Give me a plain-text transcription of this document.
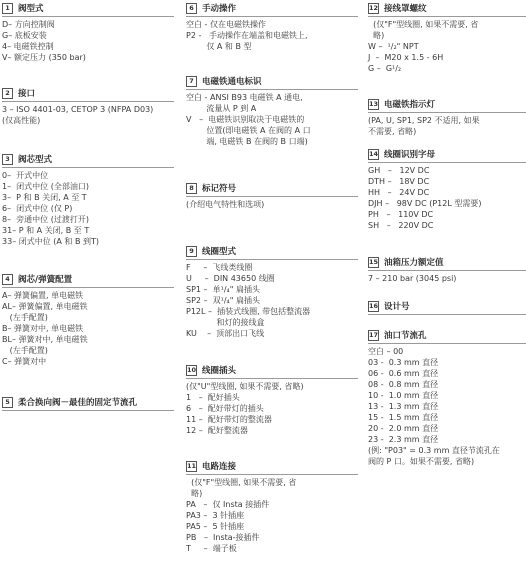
1 阀型式
D – 方向控制阀
G – 底板安装
4 – 电磁铁控制
V – 额定压力 (350 bar)
2 接口
3 – ISO 4401-03, CETOP 3 (NFPA D03)
(仅高性能)
3 阀芯型式
0 –  开式中位
1 –  闭式中位 (全部油口)
3 –  P 和 B 关闭, A 至 T
6 –  闭式中位 (仅 P)
8 –  旁通中位 (过渡打开)
31 – P 和 A 关闭, B 至 T
33 – 闭式中位 (A 和 B 到T)
4 阀芯/弹簧配置
A – 弹簧偏置, 单电磁铁
AL – 弹簧偏置, 单电磁铁
(左手配置)
B – 弹簧对中, 单电磁铁
BL – 弹簧对中, 单电磁铁
(左手配置)
C – 弹簧对中
5 柔合换向阀－最佳的固定节流孔
6 手动操作
空白 - 仅在电磁铁操作
P2 - 手动操作在端盖和电磁铁上,
仅 A 和 B 型
7 电磁铁通电标识
空白 - ANSI B93 电磁铁 A 通电,
流量从 P 到 A
V –  电磁铁识别取决于电磁铁的
位置(即电磁铁 A 在阀的 A 口
端, 电磁铁 B 在阀的 B 口端)
8 标记符号
(介绍电气特性和选项)
9 线圈型式
F –  飞线类线圈
U –  DIN 43650 线圈
SP1 –  单¹/₄" 扁插头
SP2 –  双¹/₄" 扁插头
P12L –  插装式线圈, 带包括整流器
和灯的接线盒
KU –  顶部出口飞线
10 线圈插头
(仅"U"型线圈, 如果不需要, 省略)
1 –  配好插头
6 –  配好带灯的插头
11 –  配好带灯的整流器
12 –  配好整流器
11 电路连接
(仅"F"型线圈, 如果不需要, 省
略)
PA –  仅 Insta 接插件
PA3 –  3 针插座
PA5 –  5 针插座
PB –  Insta-接插件
T –  端子板
12 接线罩螺纹
(仅"F"型线圈, 如果不需要, 省
略)
W –  ¹/₂" NPT
J –  M20 x 1.5 - 6H
G –  G¹/₂
13 电磁铁指示灯
(PA, U, SP1, SP2 不适用, 如果
不需要, 省略)
14 线圈识别字母
GH –   12V DC
DTH –   18V DC
HH –   24V DC
DJH –   98V DC (P12L 型需要)
PH –   110V DC
SH –   220V DC
15 油箱压力额定值
7 – 210 bar (3045 psi)
16 设计号
17 油口节流孔
空白 – 00
03 -  0.3 mm 直径
06 -  0.6 mm 直径
08 -  0.8 mm 直径
10 -  1.0 mm 直径
13 -  1.3 mm 直径
15 -  1.5 mm 直径
20 -  2.0 mm 直径
23 -  2.3 mm 直径
(例: "P03" = 0.3 mm 直径节流孔在
阀的 P 口。如果不需要, 省略)
